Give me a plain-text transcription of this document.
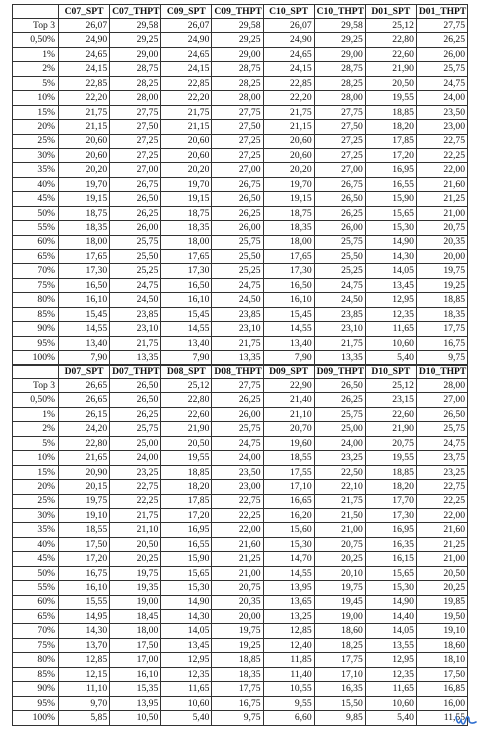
	C07_SPT	C07_THPT	C09_SPT	C09_THPT	C10_SPT	C10_THPT	D01_SPT	D01_THPT
Top 3	26,07	29,58	26,07	29,58	26,07	29,58	25,12	27,75
0,50%	24,90	29,25	24,90	29,25	24,90	29,25	22,80	26,25
1%	24,65	29,00	24,65	29,00	24,65	29,00	22,60	26,00
2%	24,15	28,75	24,15	28,75	24,15	28,75	21,90	25,75
5%	22,85	28,25	22,85	28,25	22,85	28,25	20,50	24,75
10%	22,20	28,00	22,20	28,00	22,20	28,00	19,55	24,00
15%	21,75	27,75	21,75	27,75	21,75	27,75	18,85	23,50
20%	21,15	27,50	21,15	27,50	21,15	27,50	18,20	23,00
25%	20,60	27,25	20,60	27,25	20,60	27,25	17,85	22,75
30%	20,60	27,25	20,60	27,25	20,60	27,25	17,20	22,25
35%	20,20	27,00	20,20	27,00	20,20	27,00	16,95	22,00
40%	19,70	26,75	19,70	26,75	19,70	26,75	16,55	21,60
45%	19,15	26,50	19,15	26,50	19,15	26,50	15,90	21,25
50%	18,75	26,25	18,75	26,25	18,75	26,25	15,65	21,00
55%	18,35	26,00	18,35	26,00	18,35	26,00	15,30	20,75
60%	18,00	25,75	18,00	25,75	18,00	25,75	14,90	20,35
65%	17,65	25,50	17,65	25,50	17,65	25,50	14,30	20,00
70%	17,30	25,25	17,30	25,25	17,30	25,25	14,05	19,75
75%	16,50	24,75	16,50	24,75	16,50	24,75	13,45	19,25
80%	16,10	24,50	16,10	24,50	16,10	24,50	12,95	18,85
85%	15,45	23,85	15,45	23,85	15,45	23,85	12,35	18,35
90%	14,55	23,10	14,55	23,10	14,55	23,10	11,65	17,75
95%	13,40	21,75	13,40	21,75	13,40	21,75	10,60	16,75
100%	7,90	13,35	7,90	13,35	7,90	13,35	5,40	9,75
	D07_SPT	D07_THPT	D08_SPT	D08_THPT	D09_SPT	D09_THPT	D10_SPT	D10_THPT
Top 3	26,65	26,50	25,12	27,75	22,90	26,50	25,12	28,00
0,50%	26,65	26,50	22,80	26,25	21,40	26,25	23,15	27,00
1%	26,15	26,25	22,60	26,00	21,10	25,75	22,60	26,50
2%	24,20	25,75	21,90	25,75	20,70	25,00	21,90	25,75
5%	22,80	25,00	20,50	24,75	19,60	24,00	20,75	24,75
10%	21,65	24,00	19,55	24,00	18,55	23,25	19,55	23,75
15%	20,90	23,25	18,85	23,50	17,55	22,50	18,85	23,25
20%	20,15	22,75	18,20	23,00	17,10	22,10	18,20	22,75
25%	19,75	22,25	17,85	22,75	16,65	21,75	17,70	22,25
30%	19,10	21,75	17,20	22,25	16,20	21,50	17,30	22,00
35%	18,55	21,10	16,95	22,00	15,60	21,00	16,95	21,60
40%	17,50	20,50	16,55	21,60	15,30	20,75	16,35	21,25
45%	17,20	20,25	15,90	21,25	14,70	20,25	16,15	21,00
50%	16,75	19,75	15,65	21,00	14,55	20,10	15,65	20,50
55%	16,10	19,35	15,30	20,75	13,95	19,75	15,30	20,25
60%	15,55	19,00	14,90	20,35	13,65	19,45	14,90	19,85
65%	14,95	18,45	14,30	20,00	13,25	19,00	14,40	19,50
70%	14,30	18,00	14,05	19,75	12,85	18,60	14,05	19,10
75%	13,70	17,50	13,45	19,25	12,40	18,25	13,55	18,60
80%	12,85	17,00	12,95	18,85	11,85	17,75	12,95	18,10
85%	12,15	16,10	12,35	18,35	11,40	17,10	12,35	17,50
90%	11,10	15,35	11,65	17,75	10,55	16,35	11,65	16,85
95%	9,70	13,95	10,60	16,75	9,55	15,50	10,60	16,00
100%	5,85	10,50	5,40	9,75	6,60	9,85	5,40	11,55
